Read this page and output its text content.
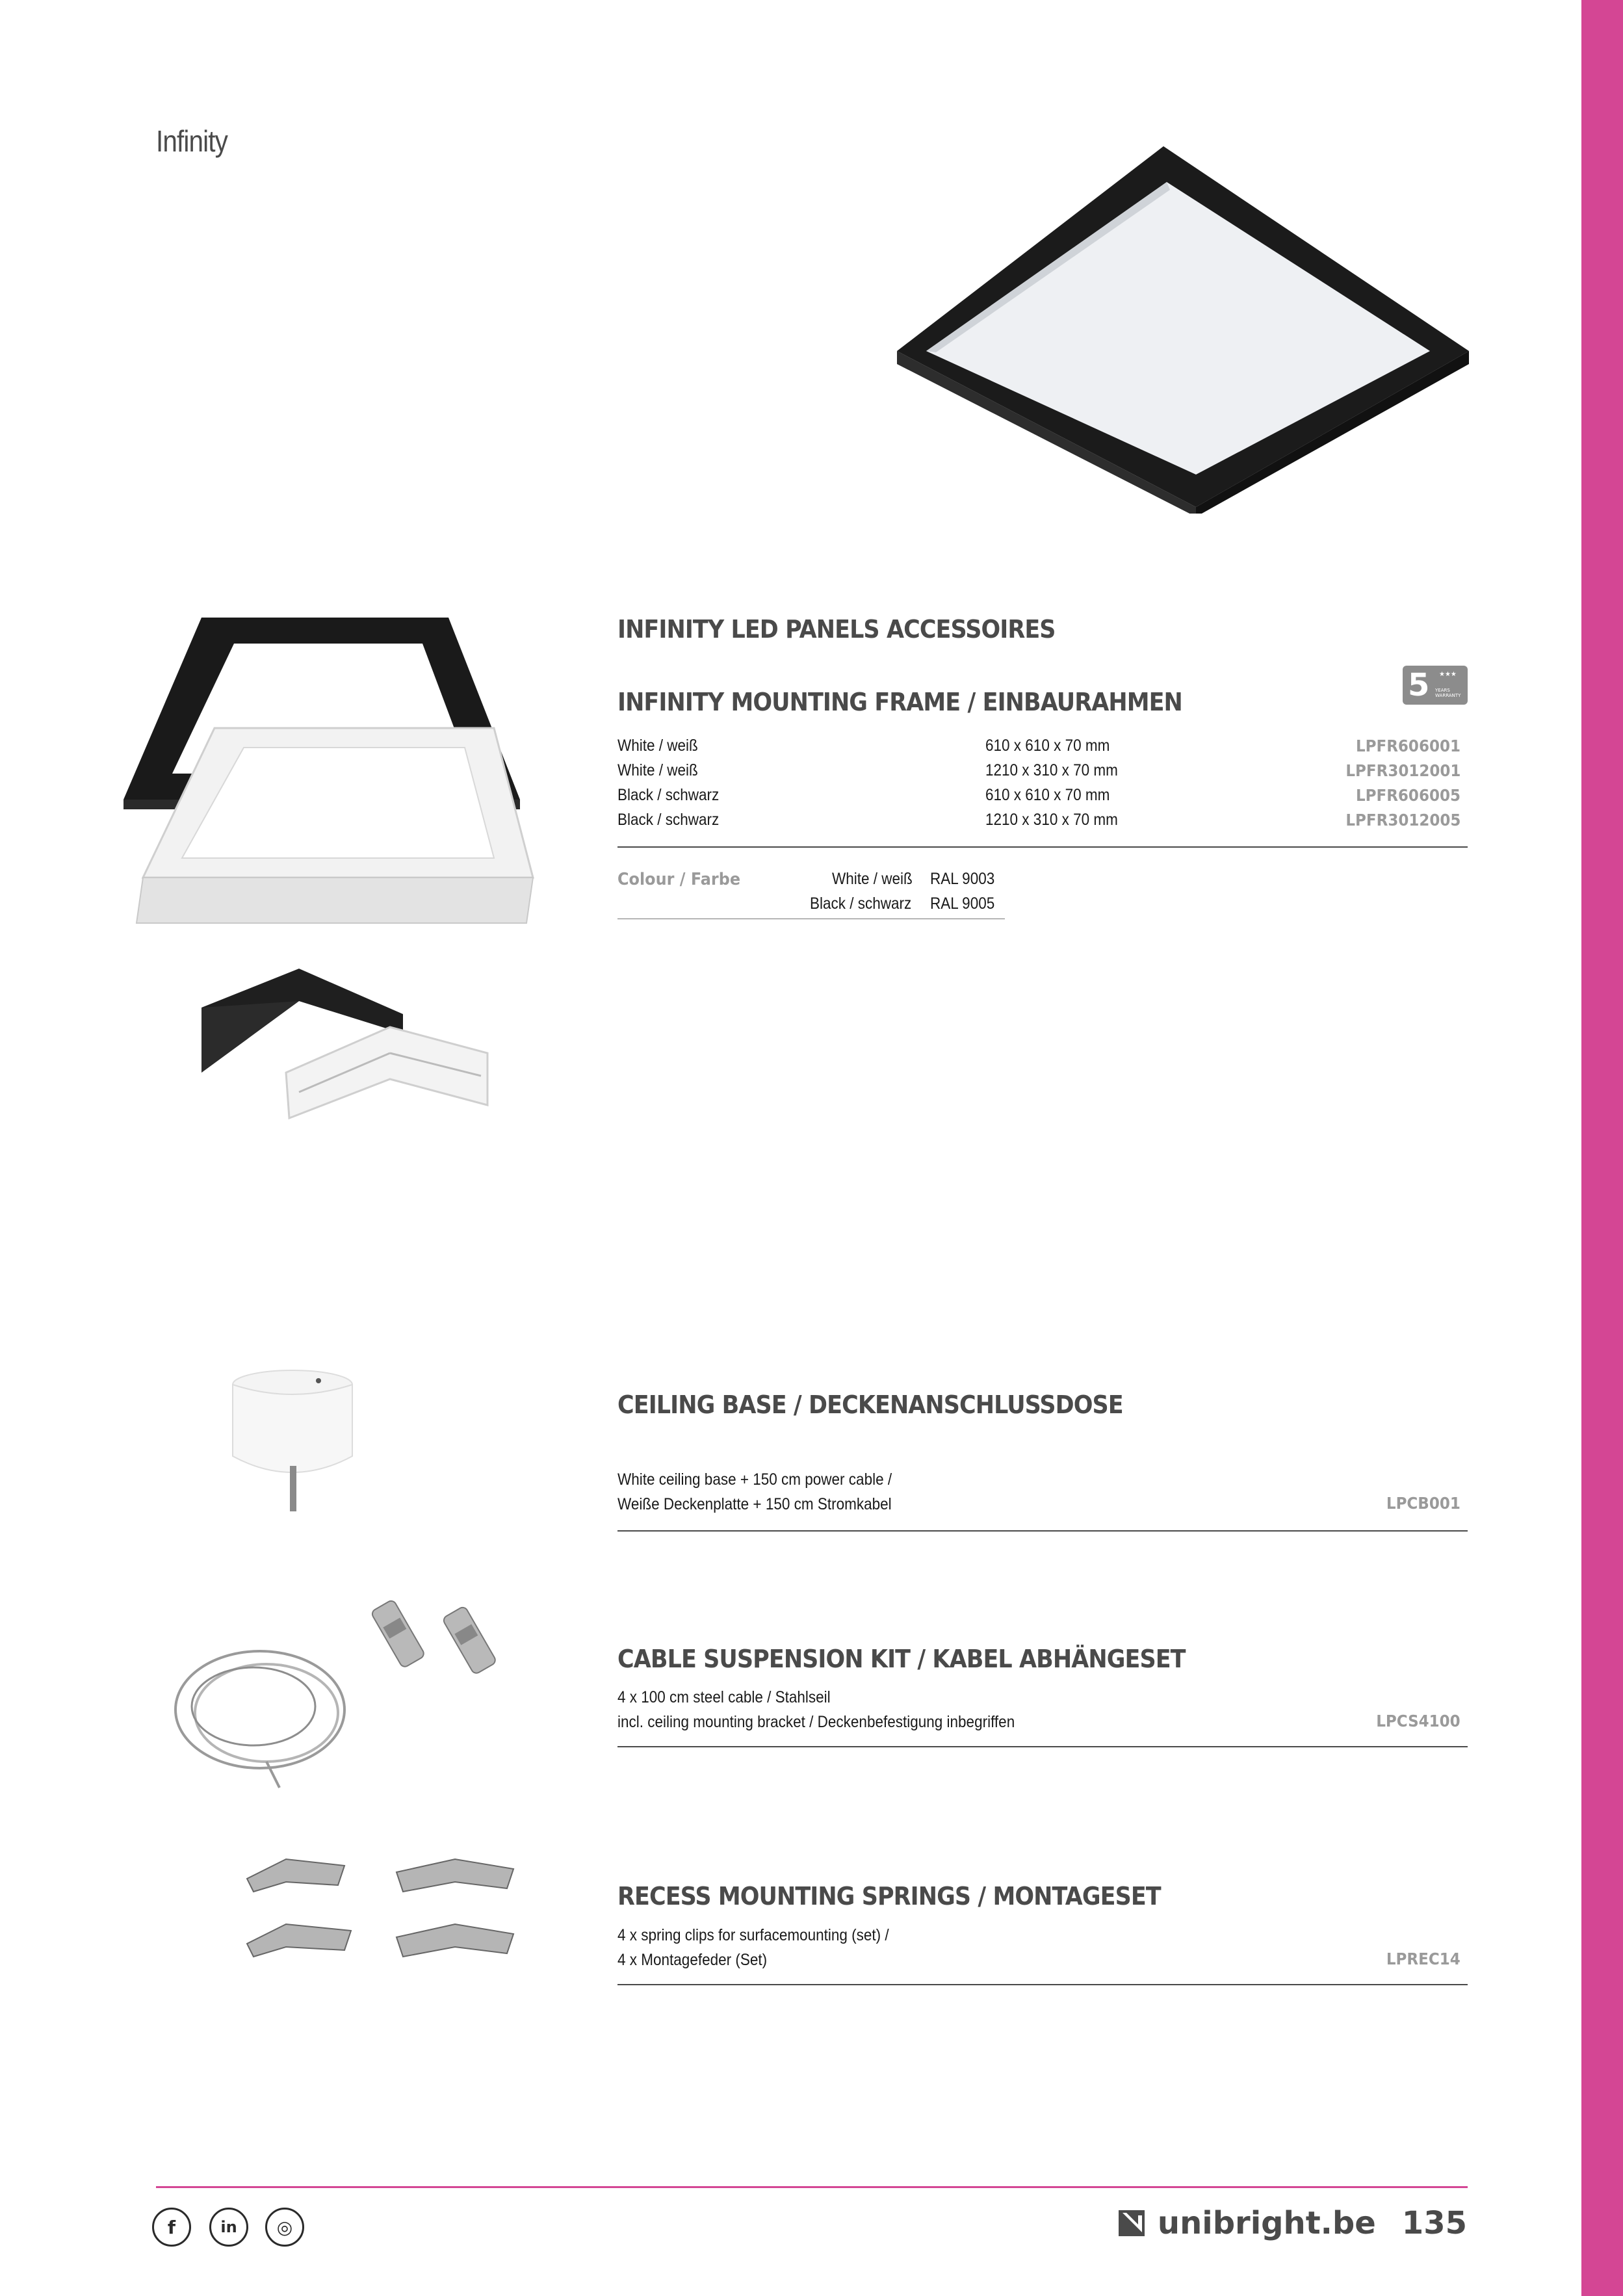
Infinity
INFINITY LED PANELS ACCESSOIRES
5 ★★★
YEARS WARRANTY
INFINITY MOUNTING FRAME / EINBAURAHMEN
White / weiß	610 x 610 x 70 mm	LPFR606001
White / weiß	1210 x 310 x 70 mm	LPFR3012001
Black / schwarz	610 x 610 x 70 mm	LPFR606005
Black / schwarz	1210 x 310 x 70 mm	LPFR3012005
Colour / Farbe	White / weiß RAL 9003
Black / schwarz RAL 9005
CEILING BASE / DECKENANSCHLUSSDOSE
White ceiling base + 150 cm power cable /
Weiße Deckenplatte + 150 cm Stromkabel	LPCB001
CABLE SUSPENSION KIT / KABEL ABHÄNGESET
4 x 100 cm steel cable / Stahlseil
incl. ceiling mounting bracket / Deckenbefestigung inbegriffen	LPCS4100
RECESS MOUNTING SPRINGS / MONTAGESET
4 x spring clips for surfacemounting (set) /
4 x Montagefeder (Set)	LPREC14
f	in	◎	unibright.be 135
